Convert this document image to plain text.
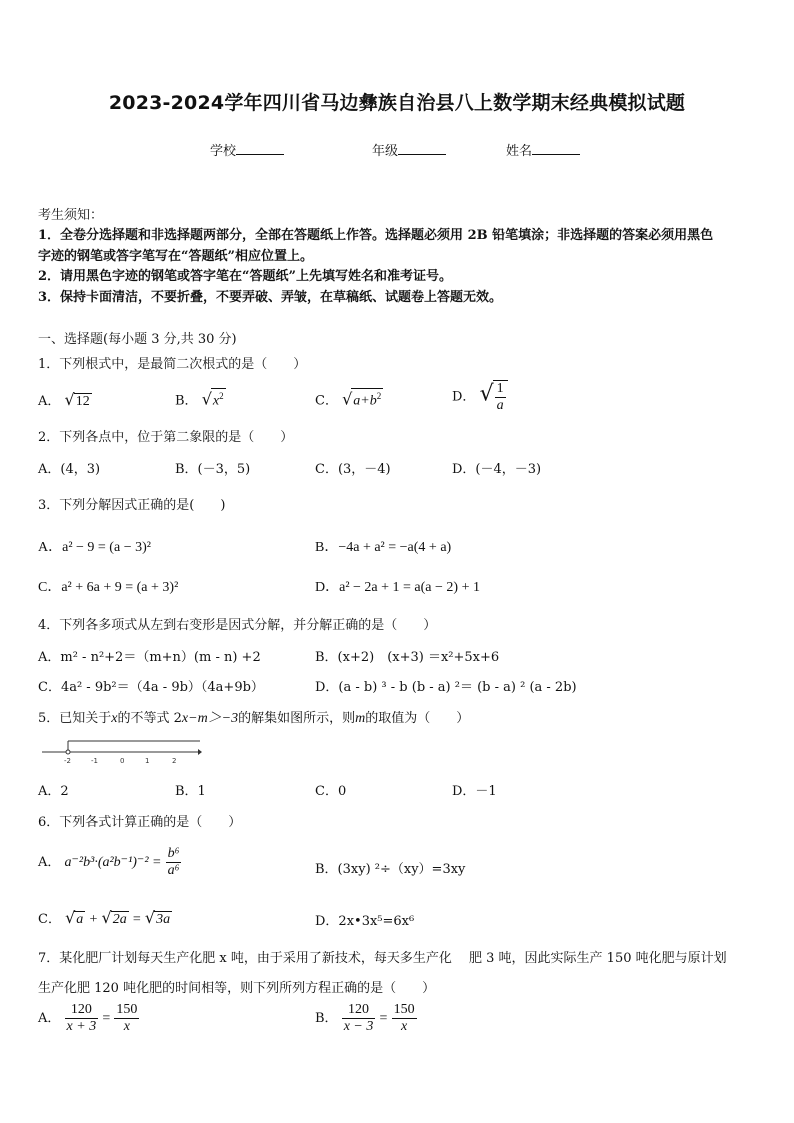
2023-2024学年四川省马边彝族自治县八上数学期末经典模拟试题
学校	年级	姓名
考生须知：
1．全卷分选择题和非选择题两部分，全部在答题纸上作答。选择题必须用 2B 铅笔填涂；非选择题的答案必须用黑色
字迹的钢笔或答字笔写在“答题纸”相应位置上。
2．请用黑色字迹的钢笔或答字笔在“答题纸”上先填写姓名和准考证号。
3．保持卡面清洁，不要折叠，不要弄破、弄皱，在草稿纸、试题卷上答题无效。
一、选择题(每小题 3 分,共 30 分)
1．下列根式中，是最简二次根式的是（　　）
A． √12	B． $√x^2$	C． $√a+b^2$	D． √ $\frac{1}{a}$
2．下列各点中，位于第二象限的是（　　）
A．(4，3)	B．(－3，5)	C．(3，－4)	D．(－4，－3)
3．下列分解因式正确的是(　　)
A．a² − 9 = (a − 3)²	B．−4a + a² = −a(4 + a)
C．a² + 6a + 9 = (a + 3)²	D．a² − 2a + 1 = a(a − 2) + 1
4．下列各多项式从左到右变形是因式分解，并分解正确的是（　　）
A．m² - n²+2＝（m+n）(m - n) +2	B．(x+2)　(x+3) ＝x²+5x+6
C．4a² - 9b²＝（4a - 9b）（4a+9b）	D．(a - b) ³ - b (b - a) ²＝ (b - a) ² (a - 2b)
5．已知关于x的不等式 2x−m＞−3的解集如图所示，则m的取值为（　　）
-2	-1	0	1	2
A．2	B．1	C．0	D．－1
6．下列各式计算正确的是（　　）
A． $a^{-2}b^3\cdot(a^2b^{-1})^{-2} = \frac{\text{b⁶}}{\text{a⁶}}$	B．(3xy) ²÷（xy）=3xy
C． √a + √2a = √3a	D．2x•3x⁵=6x⁶
7．某化肥厂计划每天生产化肥 x 吨，由于采用了新技术，每天多生产化　 肥 3 吨，因此实际生产 150 吨化肥与原计划
生产化肥 120 吨化肥的时间相等，则下列所列方程正确的是（　　）
A． $\frac{120}{x + 3} = \frac{150}{x}$	B． $\frac{120}{x - 3} = \frac{150}{x}$
